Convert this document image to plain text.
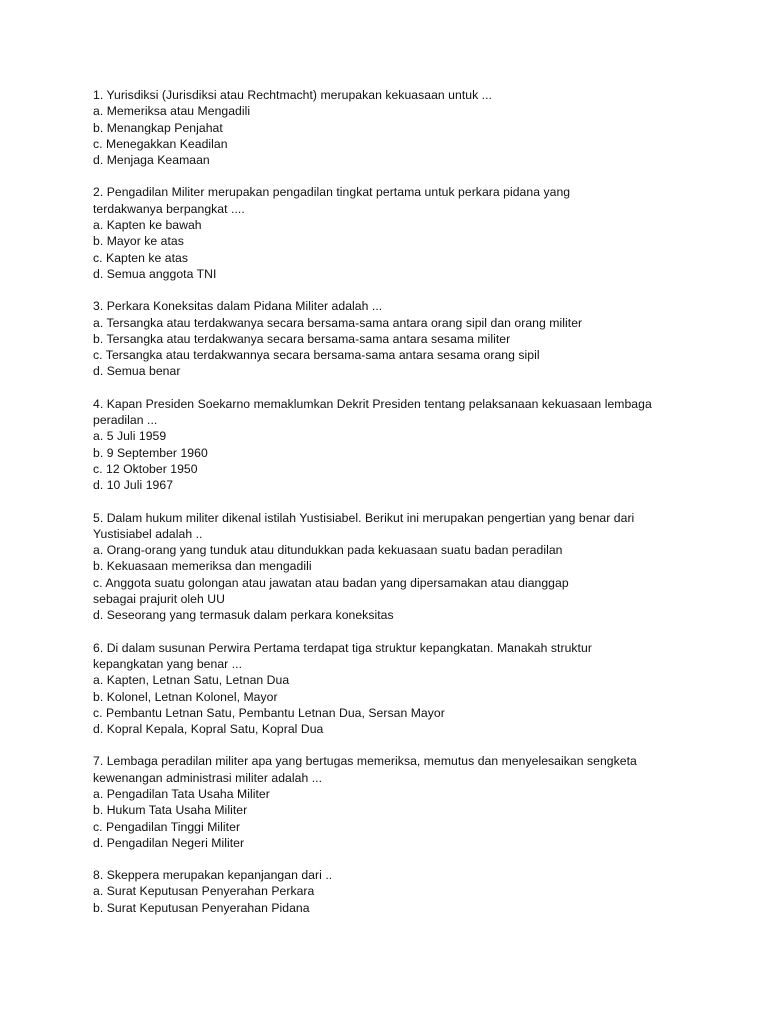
1. Yurisdiksi (Jurisdiksi atau Rechtmacht) merupakan kekuasaan untuk ...
a. Memeriksa atau Mengadili
b. Menangkap Penjahat
c. Menegakkan Keadilan
d. Menjaga Keamaan
2. Pengadilan Militer merupakan pengadilan tingkat pertama untuk perkara pidana yang
terdakwanya berpangkat ....
a. Kapten ke bawah
b. Mayor ke atas
c. Kapten ke atas
d. Semua anggota TNI
3. Perkara Koneksitas dalam Pidana Militer adalah ...
a. Tersangka atau terdakwanya secara bersama-sama antara orang sipil dan orang militer
b. Tersangka atau terdakwanya secara bersama-sama antara sesama militer
c. Tersangka atau terdakwannya secara bersama-sama antara sesama orang sipil
d. Semua benar
4. Kapan Presiden Soekarno memaklumkan Dekrit Presiden tentang pelaksanaan kekuasaan lembaga
peradilan ...
a. 5 Juli 1959
b. 9 September 1960
c. 12 Oktober 1950
d. 10 Juli 1967
5. Dalam hukum militer dikenal istilah Yustisiabel. Berikut ini merupakan pengertian yang benar dari
Yustisiabel adalah ..
a. Orang-orang yang tunduk atau ditundukkan pada kekuasaan suatu badan peradilan
b. Kekuasaan memeriksa dan mengadili
c. Anggota suatu golongan atau jawatan atau badan yang dipersamakan atau dianggap
sebagai prajurit oleh UU
d. Seseorang yang termasuk dalam perkara koneksitas
6. Di dalam susunan Perwira Pertama terdapat tiga struktur kepangkatan. Manakah struktur
kepangkatan yang benar ...
a. Kapten, Letnan Satu, Letnan Dua
b. Kolonel, Letnan Kolonel, Mayor
c. Pembantu Letnan Satu, Pembantu Letnan Dua, Sersan Mayor
d. Kopral Kepala, Kopral Satu, Kopral Dua
7. Lembaga peradilan militer apa yang bertugas memeriksa, memutus dan menyelesaikan sengketa
kewenangan administrasi militer adalah ...
a. Pengadilan Tata Usaha Militer
b. Hukum Tata Usaha Militer
c. Pengadilan Tinggi Militer
d. Pengadilan Negeri Militer
8. Skeppera merupakan kepanjangan dari ..
a. Surat Keputusan Penyerahan Perkara
b. Surat Keputusan Penyerahan Pidana
